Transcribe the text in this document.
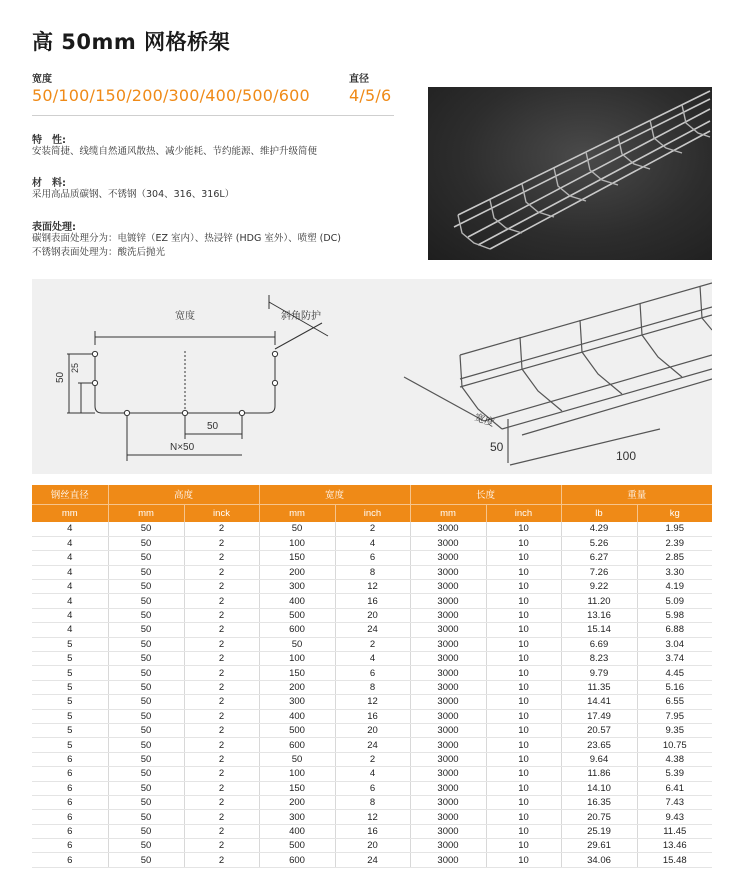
高 50mm 网格桥架
宽度
50/100/150/200/300/400/500/600
直径
4/5/6
特　性:
安装简捷、线缆自然通风散热、减少能耗、节约能源、维护升级简便
材　料:
采用高品质碳钢、不锈钢（304、316、316L）
表面处理:
碳钢表面处理分为：电镀锌（EZ 室内）、热浸锌 (HDG 室外）、喷塑 (DC)
不锈钢表面处理为：酸洗后抛光
宽度	斜角防护
50
25
50
N×50
宽度
50
100
钢丝直径	高度		宽度		长度		重量	
mm	mm	inck	mm	inch	mm	inch	lb	kg
4	50	2	50	2	3000	10	4.29	1.95
4	50	2	100	4	3000	10	5.26	2.39
4	50	2	150	6	3000	10	6.27	2.85
4	50	2	200	8	3000	10	7.26	3.30
4	50	2	300	12	3000	10	9.22	4.19
4	50	2	400	16	3000	10	11.20	5.09
4	50	2	500	20	3000	10	13.16	5.98
4	50	2	600	24	3000	10	15.14	6.88
5	50	2	50	2	3000	10	6.69	3.04
5	50	2	100	4	3000	10	8.23	3.74
5	50	2	150	6	3000	10	9.79	4.45
5	50	2	200	8	3000	10	11.35	5.16
5	50	2	300	12	3000	10	14.41	6.55
5	50	2	400	16	3000	10	17.49	7.95
5	50	2	500	20	3000	10	20.57	9.35
5	50	2	600	24	3000	10	23.65	10.75
6	50	2	50	2	3000	10	9.64	4.38
6	50	2	100	4	3000	10	11.86	5.39
6	50	2	150	6	3000	10	14.10	6.41
6	50	2	200	8	3000	10	16.35	7.43
6	50	2	300	12	3000	10	20.75	9.43
6	50	2	400	16	3000	10	25.19	11.45
6	50	2	500	20	3000	10	29.61	13.46
6	50	2	600	24	3000	10	34.06	15.48
